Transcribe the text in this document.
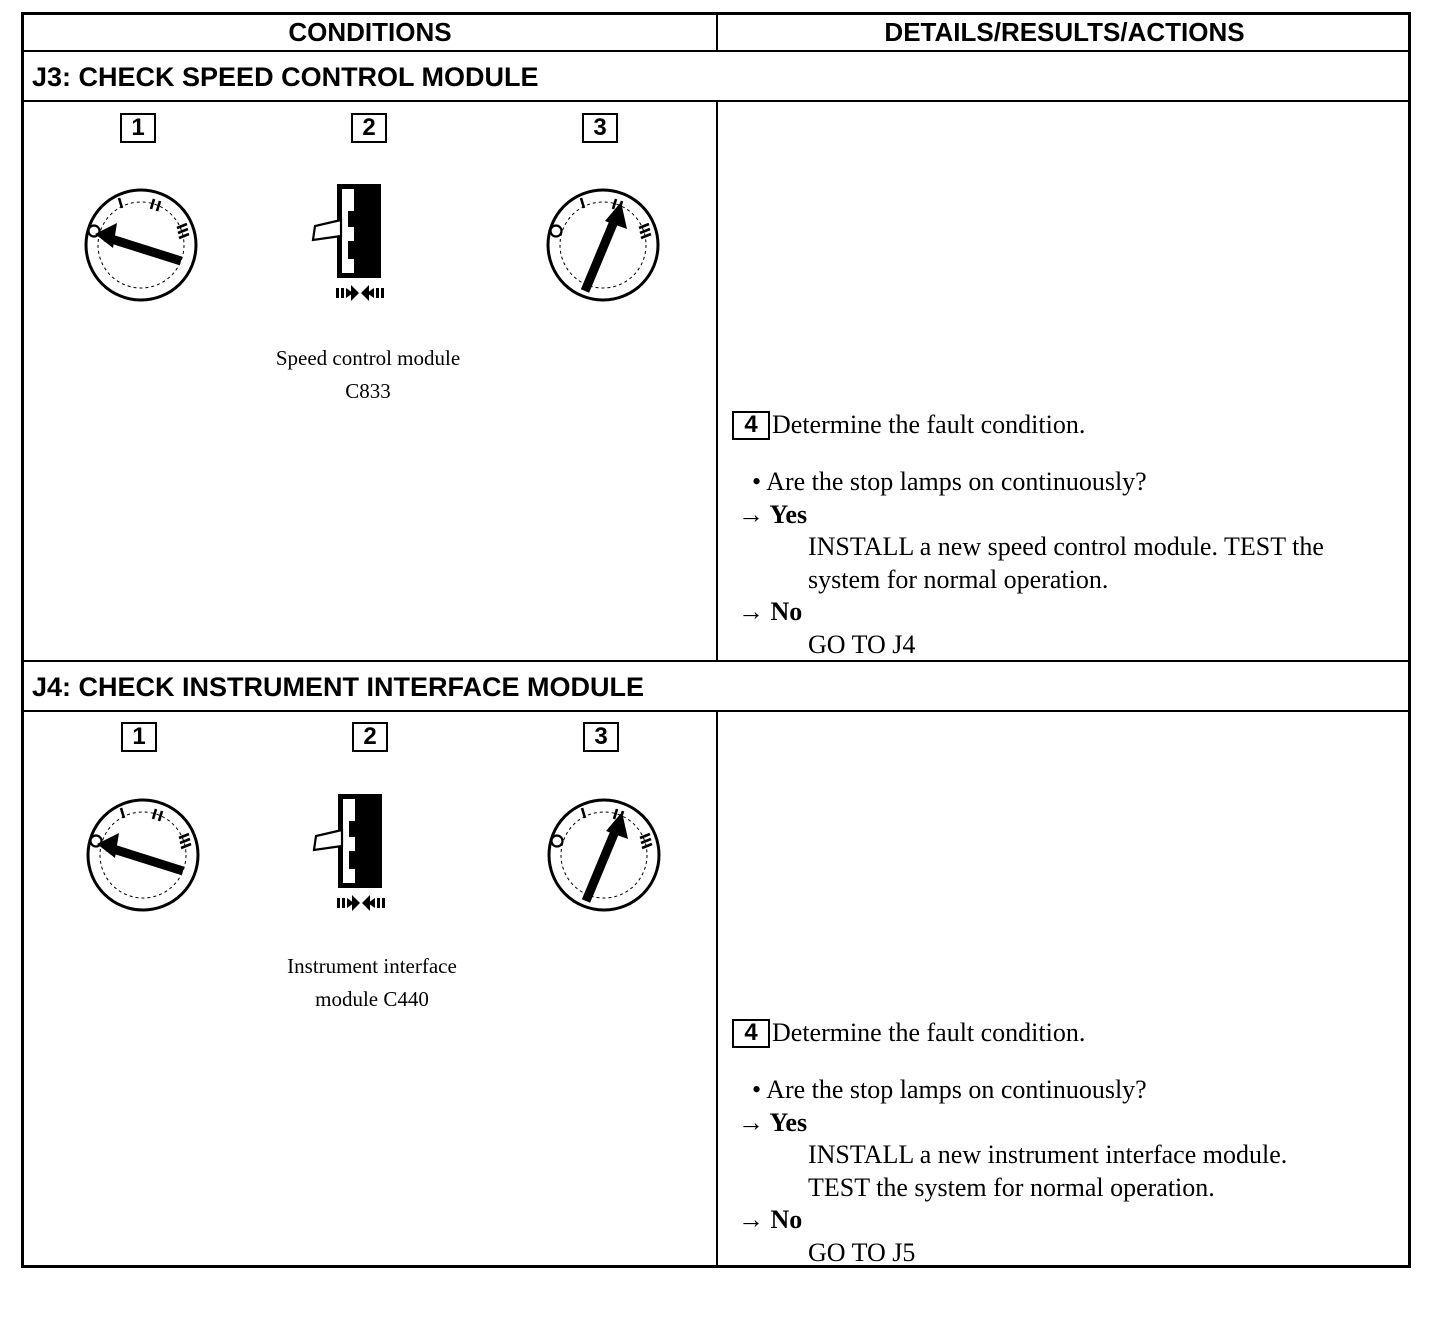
CONDITIONS	DETAILS/RESULTS/ACTIONS
J3: CHECK SPEED CONTROL MODULE
1	2	3
Speed control module
C833
4 Determine the fault condition.
• Are the stop lamps on continuously?
→ Yes
INSTALL a new speed control module. TEST the
system for normal operation.
→ No
GO TO J4
J4: CHECK INSTRUMENT INTERFACE MODULE
1	2	3
Instrument interface
module C440
4 Determine the fault condition.
• Are the stop lamps on continuously?
→ Yes
INSTALL a new instrument interface module.
TEST the system for normal operation.
→ No
GO TO J5
